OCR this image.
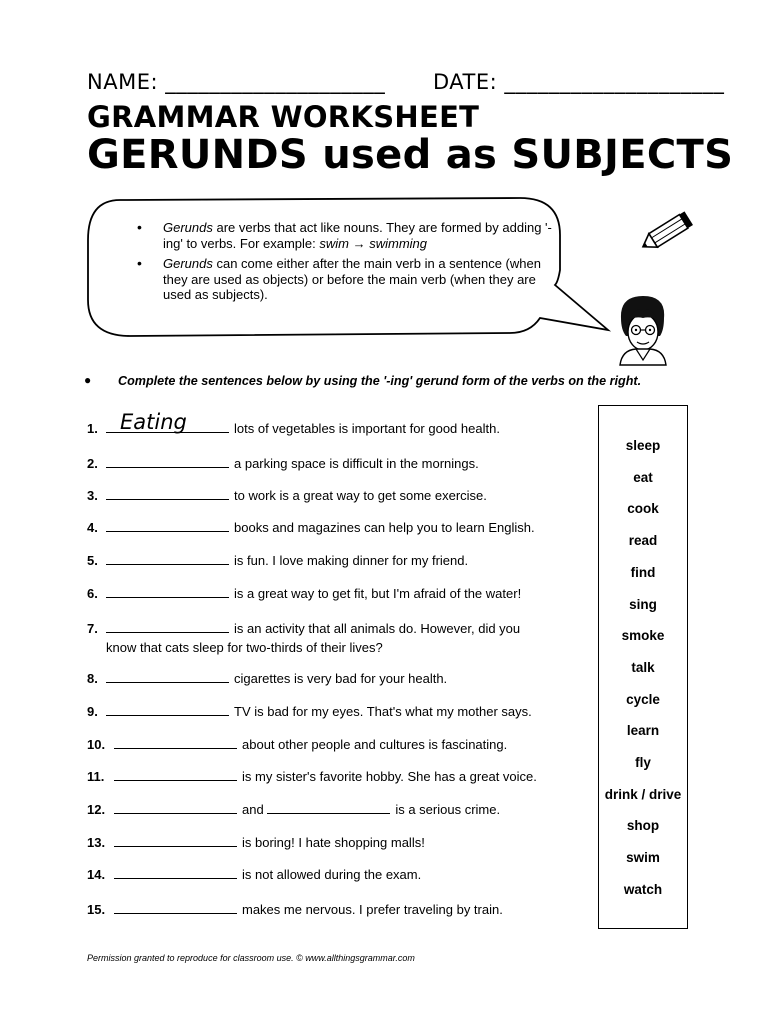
NAME: ____________________ DATE: ____________________
GRAMMAR WORKSHEET
GERUNDS used as SUBJECTS
• Gerunds are verbs that act like nouns. They are formed by adding '-ing' to verbs. For example: swim → swimming
• Gerunds can come either after the main verb in a sentence (when they are used as objects) or before the main verb (when they are used as subjects).
● Complete the sentences below by using the '-ing' gerund form of the verbs on the right.
1. Eating	lots of vegetables is important for good health.
2.	a parking space is difficult in the mornings.
3.	to work is a great way to get some exercise.
4.	books and magazines can help you to learn English.
5.	is fun. I love making dinner for my friend.
6.	is a great way to get fit, but I'm afraid of the water!
7.	is an activity that all animals do. However, did you
know that cats sleep for two-thirds of their lives?
8.	cigarettes is very bad for your health.
9.	TV is bad for my eyes. That's what my mother says.
10.	about other people and cultures is fascinating.
11.	is my sister's favorite hobby. She has a great voice.
12.	and	is a serious crime.
13.	is boring! I hate shopping malls!
14.	is not allowed during the exam.
15.	makes me nervous. I prefer traveling by train.
sleep
eat
cook
read
find
sing
smoke
talk
cycle
learn
fly
drink / drive
shop
swim
watch
Permission granted to reproduce for classroom use. © www.allthingsgrammar.com
